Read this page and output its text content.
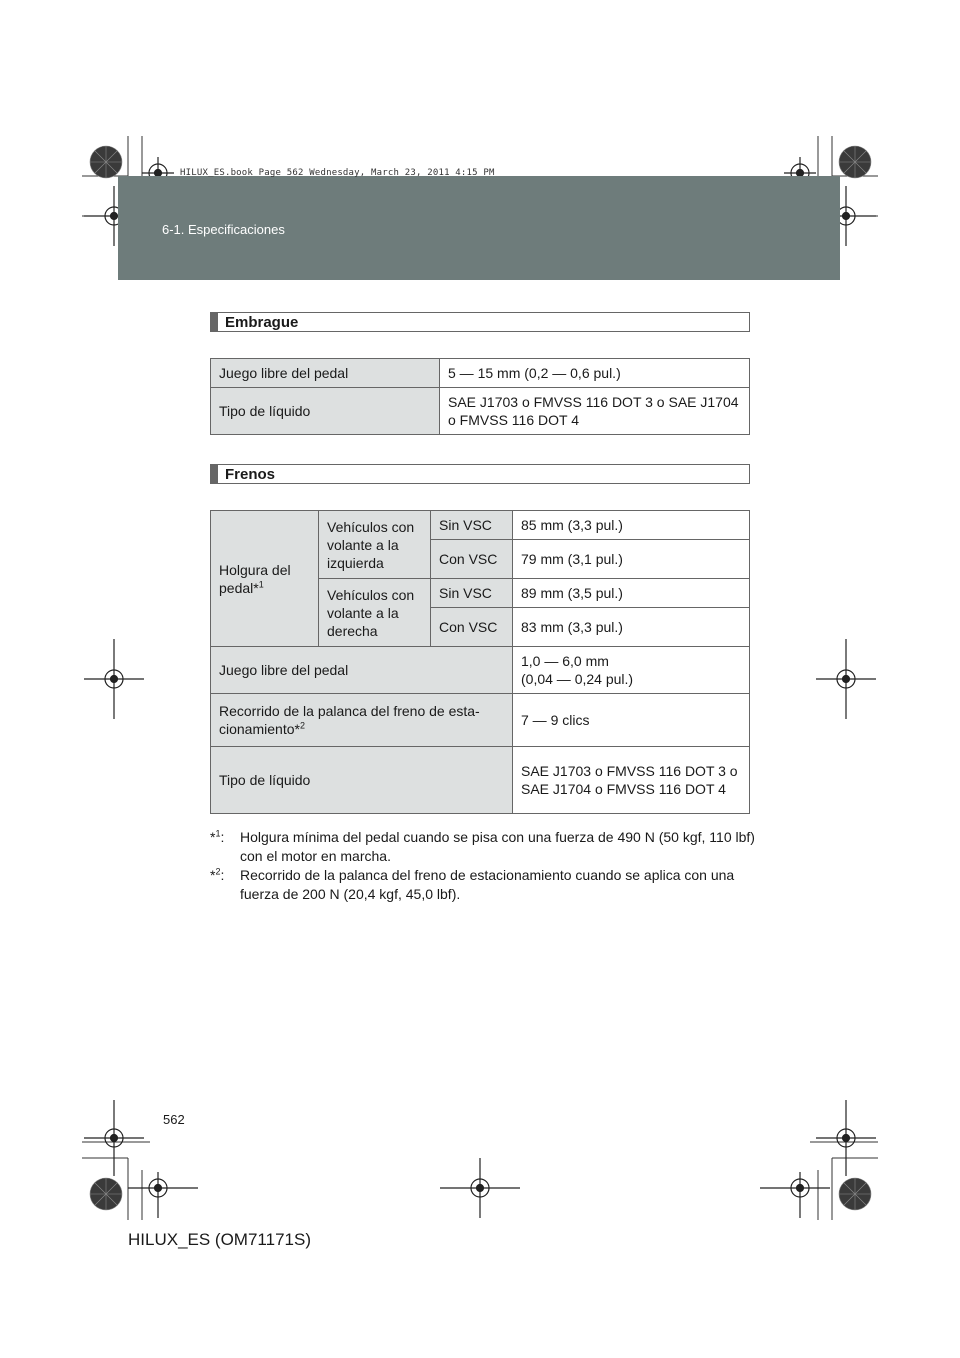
HILUX_ES.book Page 562 Wednesday, March 23, 2011 4:15 PM
6-1. Especificaciones
Embrague
Juego libre del pedal	5 — 15 mm (0,2 — 0,6 pul.)
Tipo de líquido	SAE J1703 o FMVSS 116 DOT 3 o SAE J1704 o FMVSS 116 DOT 4
Frenos
Holgura del pedal*$^1$	Vehículos con volante a la izquierda	Sin VSC	85 mm (3,3 pul.)
		Con VSC	79 mm (3,1 pul.)
	Vehículos con volante a la derecha	Sin VSC	89 mm (3,5 pul.)
		Con VSC	83 mm (3,3 pul.)
Juego libre del pedal			1,0 — 6,0 mm
(0,04 — 0,24 pul.)

Recorrido de la palanca del freno de esta-cionamiento*$^2$			7 — 9 clics
Tipo de líquido			SAE J1703 o FMVSS 116 DOT 3 o SAE J1704 o FMVSS 116 DOT 4
*$^1$: Holgura mínima del pedal cuando se pisa con una fuerza de 490 N (50 kgf, 110 lbf) con el motor en marcha.
*$^2$: Recorrido de la palanca del freno de estacionamiento cuando se aplica con una fuerza de 200 N (20,4 kgf, 45,0 lbf).
562
HILUX_ES (OM71171S)
